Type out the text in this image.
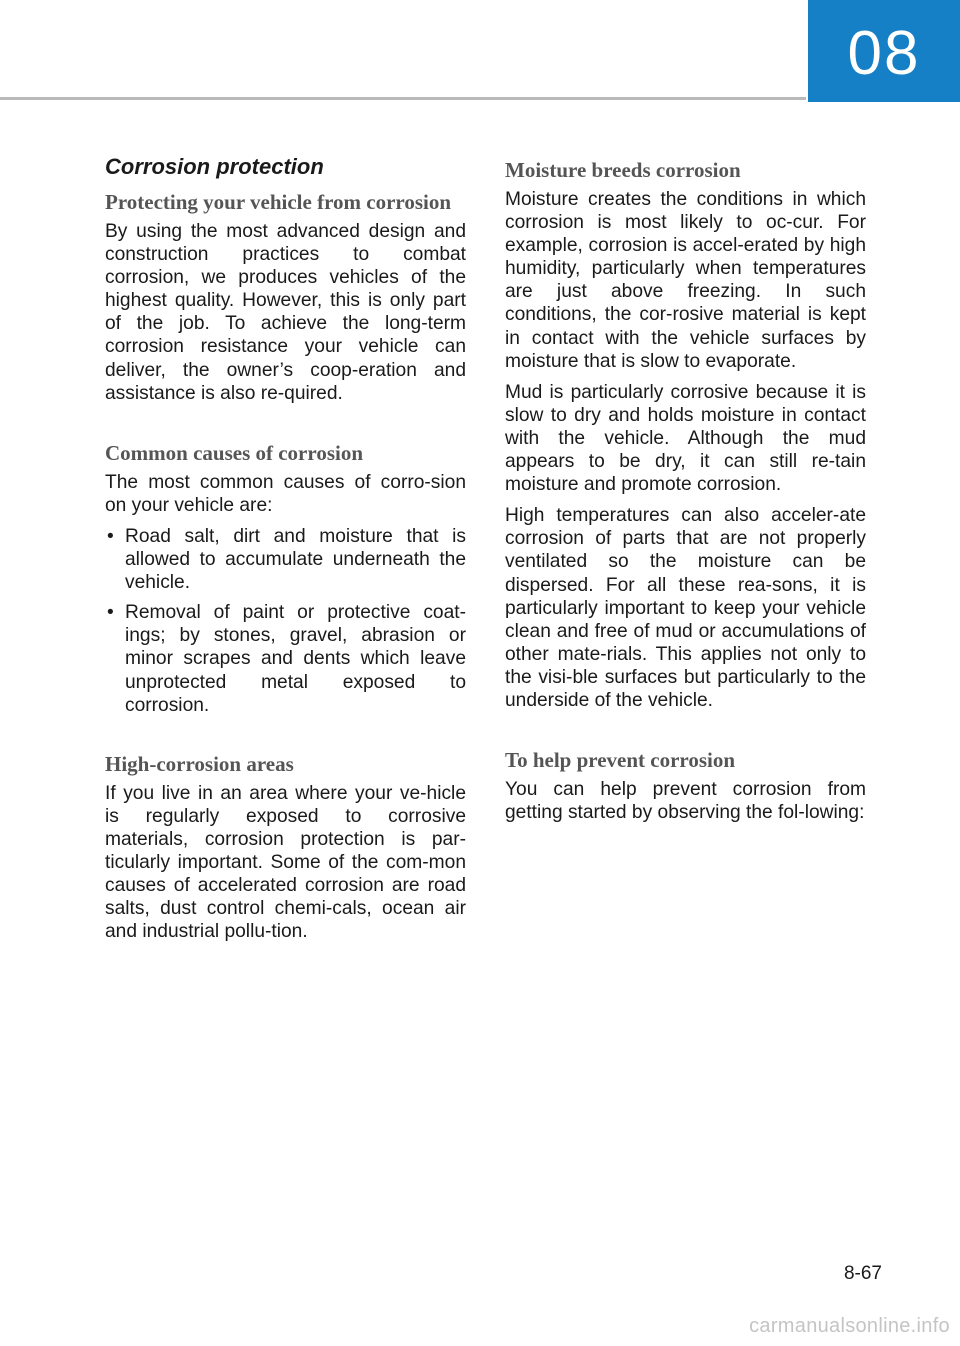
08
Corrosion protection
Protecting your vehicle from corrosion

By using the most advanced design and construction practices to combat corrosion, we produces vehicles of the highest quality. However, this is only part of the job. To achieve the long-term corrosion resistance your vehicle can deliver, the owner’s coop-eration and assistance is also re-quired.

Common causes of corrosion

The most common causes of corro-sion on your vehicle are:

• Road salt, dirt and moisture that is allowed to accumulate underneath the vehicle.
• Removal of paint or protective coat-ings; by stones, gravel, abrasion or minor scrapes and dents which leave unprotected metal exposed to corrosion.
High-corrosion areas

If you live in an area where your ve-hicle is regularly exposed to corrosive materials, corrosion protection is par-ticularly important. Some of the com-mon causes of accelerated corrosion are road salts, dust control chemi-cals, ocean air and industrial pollu-tion.

Moisture breeds corrosion

Moisture creates the conditions in which corrosion is most likely to oc-cur. For example, corrosion is accel-erated by high humidity, particularly when temperatures are just above freezing. In such conditions, the cor-rosive material is kept in contact with the vehicle surfaces by moisture that is slow to evaporate.

Mud is particularly corrosive because it is slow to dry and holds moisture in contact with the vehicle. Although the mud appears to be dry, it can still re-tain moisture and promote corrosion.

High temperatures can also acceler-ate corrosion of parts that are not properly ventilated so the moisture can be dispersed. For all these rea-sons, it is particularly important to keep your vehicle clean and free of mud or accumulations of other mate-rials. This applies not only to the visi-ble surfaces but particularly to the underside of the vehicle.

To help prevent corrosion

You can help prevent corrosion from getting started by observing the fol-lowing:

8-67
carmanualsonline.info
